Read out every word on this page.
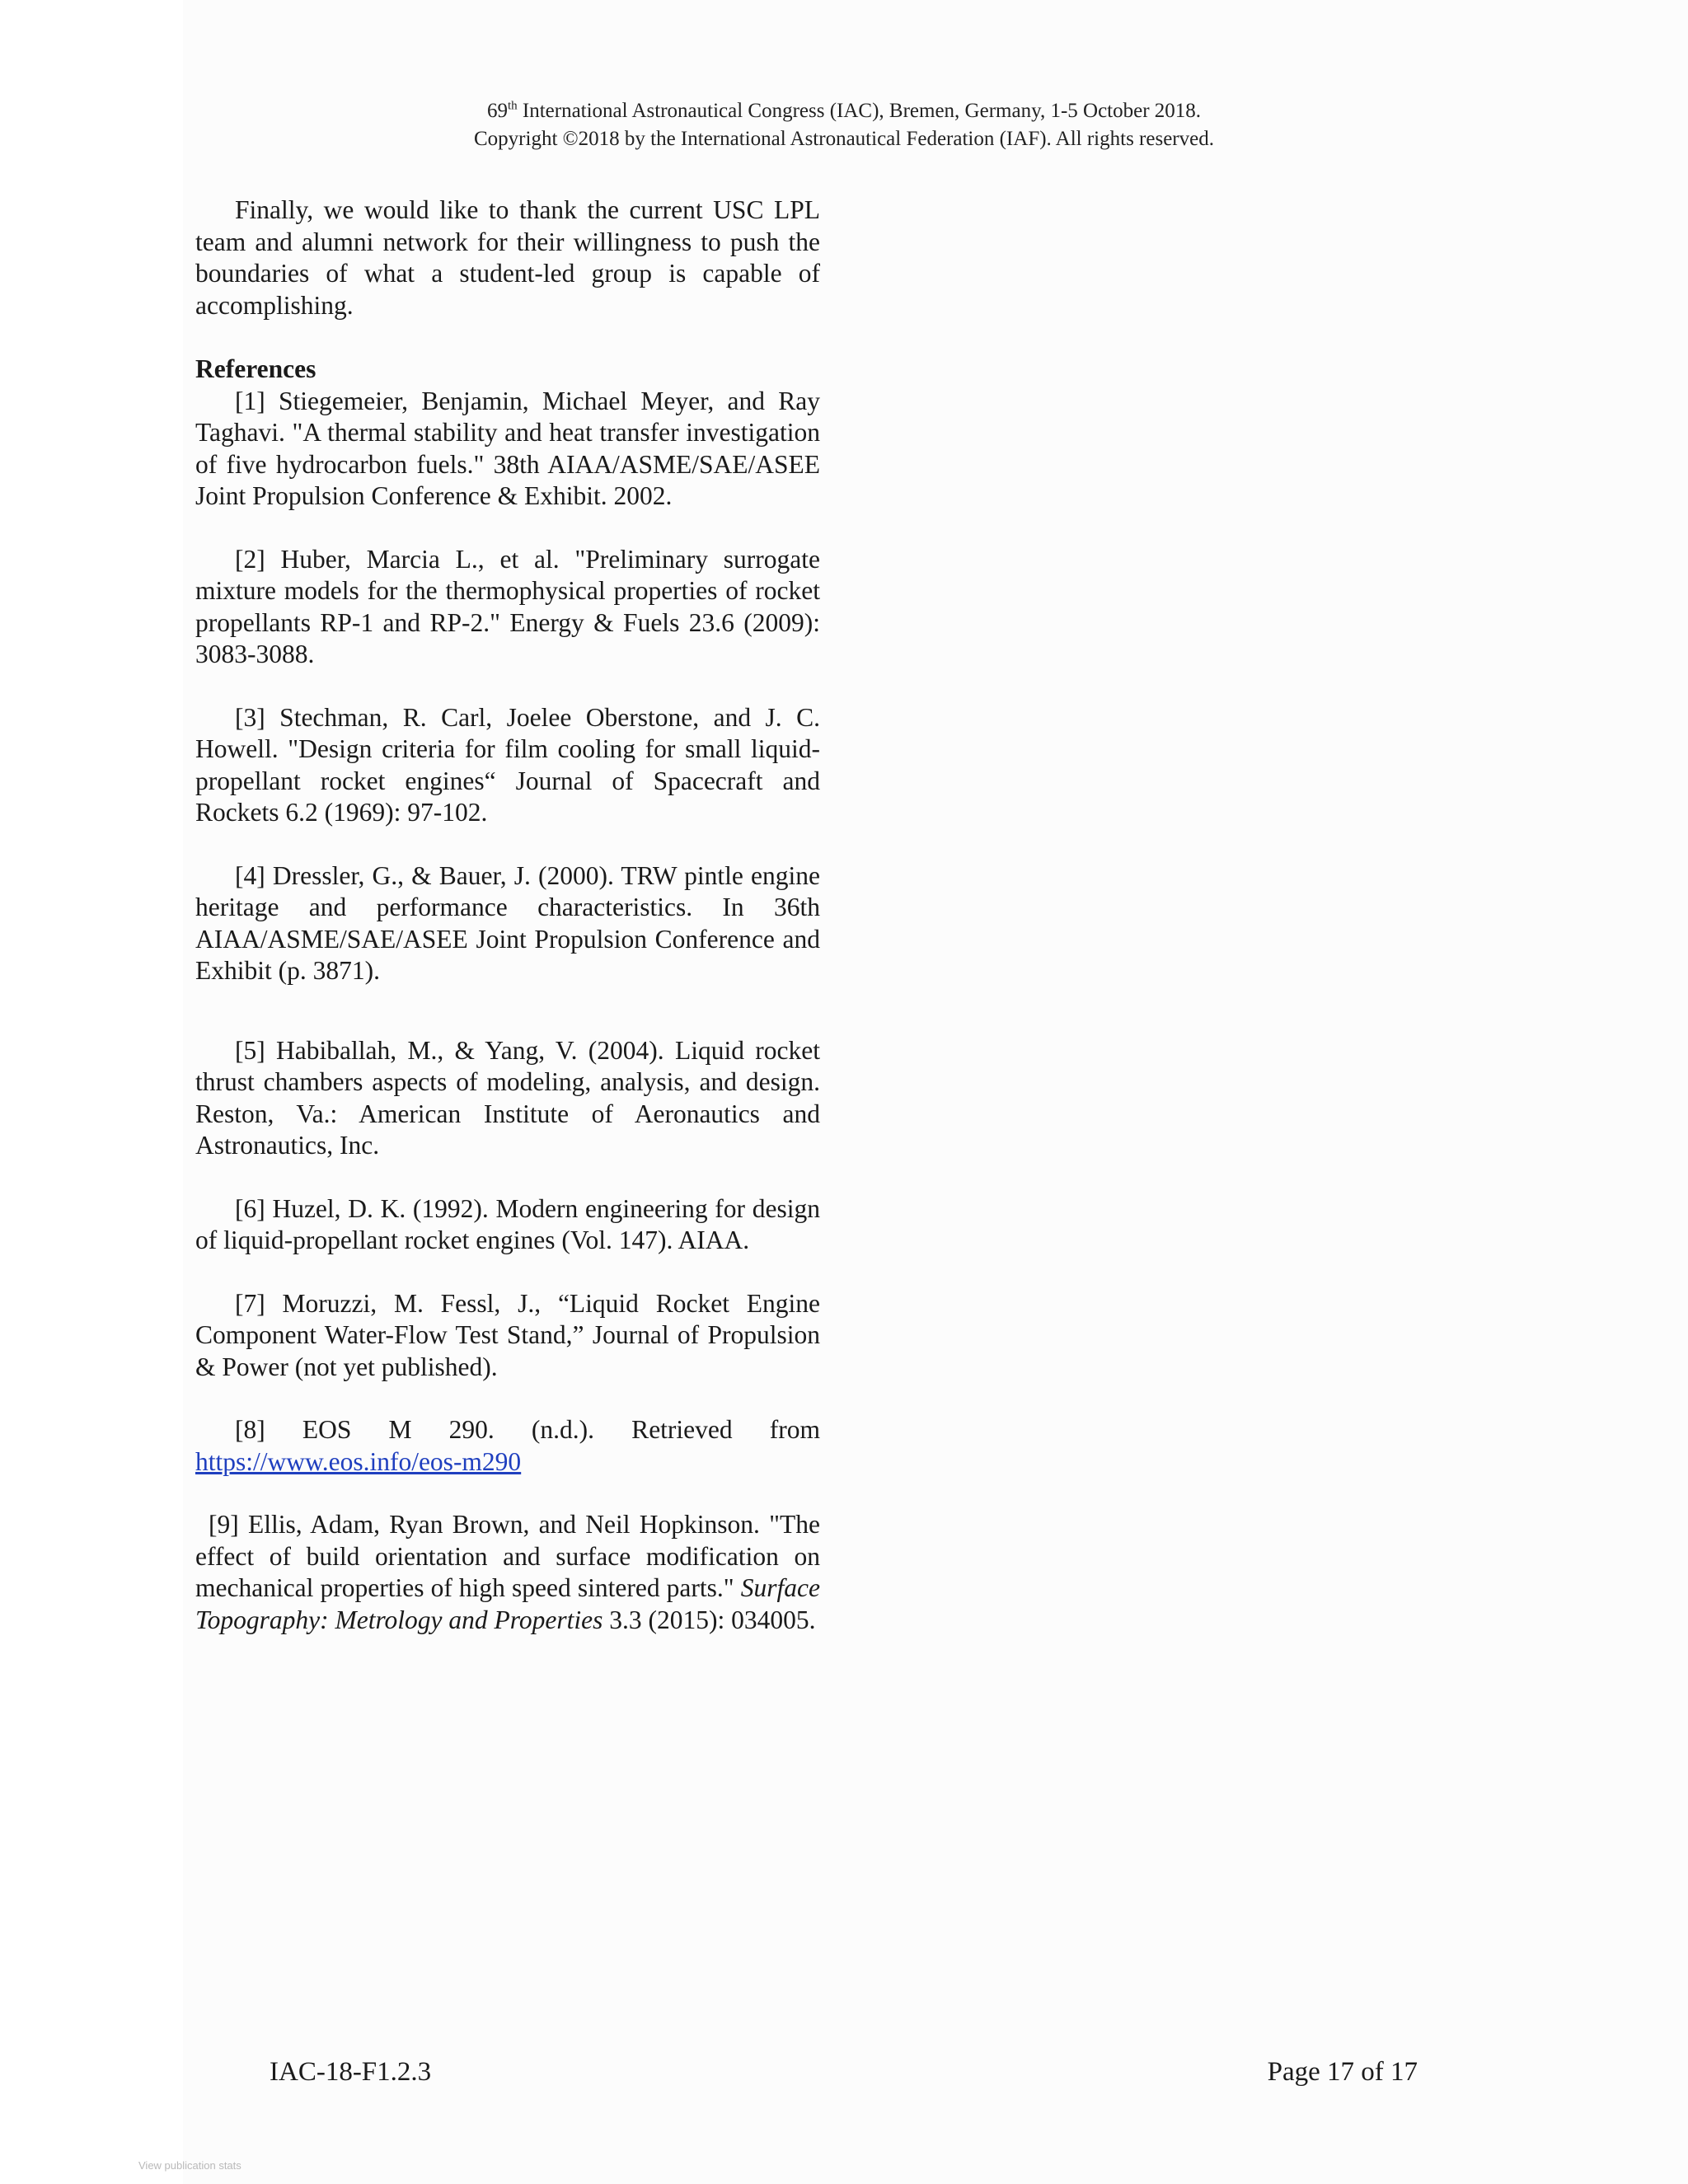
69th International Astronautical Congress (IAC), Bremen, Germany, 1-5 October 2018.
Copyright ©2018 by the International Astronautical Federation (IAF). All rights reserved.

Finally, we would like to thank the current USC LPL team and alumni network for their willingness to push the boundaries of what a student-led group is capable of accomplishing.

References

[1] Stiegemeier, Benjamin, Michael Meyer, and Ray Taghavi. "A thermal stability and heat transfer investigation of five hydrocarbon fuels." 38th AIAA/ASME/SAE/ASEE Joint Propulsion Conference & Exhibit. 2002.

[2] Huber, Marcia L., et al. "Preliminary surrogate mixture models for the thermophysical properties of rocket propellants RP-1 and RP-2." Energy & Fuels 23.6 (2009): 3083-3088.

[3] Stechman, R. Carl, Joelee Oberstone, and J. C. Howell. "Design criteria for film cooling for small liquid-propellant rocket engines“ Journal of Spacecraft and Rockets 6.2 (1969): 97-102.

[4] Dressler, G., & Bauer, J. (2000). TRW pintle engine heritage and performance characteristics. In 36th AIAA/ASME/SAE/ASEE Joint Propulsion Conference and Exhibit (p. 3871).

[5] Habiballah, M., & Yang, V. (2004). Liquid rocket thrust chambers aspects of modeling, analysis, and design. Reston, Va.: American Institute of Aeronautics and Astronautics, Inc.

[6] Huzel, D. K. (1992). Modern engineering for design of liquid-propellant rocket engines (Vol. 147). AIAA.

[7] Moruzzi, M. Fessl, J., “Liquid Rocket Engine Component Water-Flow Test Stand,” Journal of Propulsion & Power (not yet published).

[8] EOS M 290. (n.d.). Retrieved from https://www.eos.info/eos-m290

[9] Ellis, Adam, Ryan Brown, and Neil Hopkinson. "The effect of build orientation and surface modification on mechanical properties of high speed sintered parts." Surface Topography: Metrology and Properties 3.3 (2015): 034005.

IAC-18-F1.2.3	Page 17 of 17
View publication stats
